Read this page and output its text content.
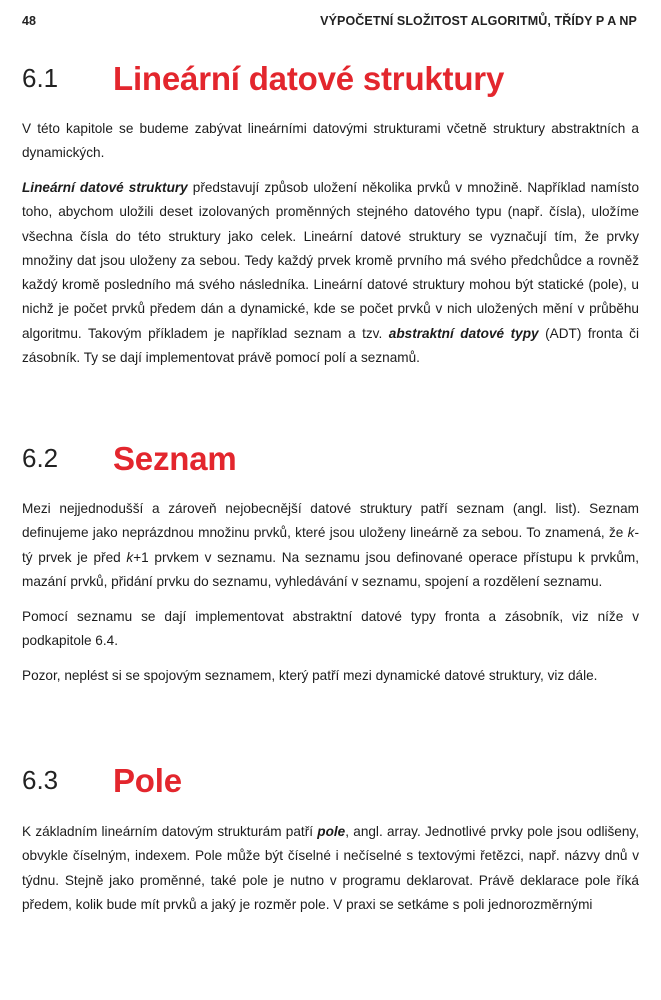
48	VÝPOČETNÍ SLOŽITOST ALGORITMŮ, TŘÍDY P A NP
6.1 Lineární datové struktury

V této kapitole se budeme zabývat lineárními datovými strukturami včetně struktury abstraktních a dynamických.

Lineární datové struktury představují způsob uložení několika prvků v množině. Například namísto toho, abychom uložili deset izolovaných proměnných stejného datového typu (např. čísla), uložíme všechna čísla do této struktury jako celek. Lineární datové struktury se vyznačují tím, že prvky množiny dat jsou uloženy za sebou. Tedy každý prvek kromě prvního má svého předchůdce a rovněž každý kromě posledního má svého následníka. Lineární datové struktury mohou být statické (pole), u nichž je počet prvků předem dán a dynamické, kde se počet prvků v nich uložených mění v průběhu algoritmu. Takovým příkladem je například seznam a tzv. abstraktní datové typy (ADT) fronta či zásobník. Ty se dají implementovat právě pomocí polí a seznamů.

6.2 Seznam

Mezi nejjednodušší a zároveň nejobecnější datové struktury patří seznam (angl. list). Seznam definujeme jako neprázdnou množinu prvků, které jsou uloženy lineárně za sebou. To znamená, že k-tý prvek je před k+1 prvkem v seznamu. Na seznamu jsou definované operace přístupu k prvkům, mazání prvků, přidání prvku do seznamu, vyhledávání v seznamu, spojení a rozdělení seznamu.

Pomocí seznamu se dají implementovat abstraktní datové typy fronta a zásobník, viz níže v podkapitole 6.4.

Pozor, neplést si se spojovým seznamem, který patří mezi dynamické datové struktury, viz dále.

6.3 Pole

K základním lineárním datovým strukturám patří pole, angl. array. Jednotlivé prvky pole jsou odlišeny, obvykle číselným, indexem. Pole může být číselné i nečíselné s textovými řetězci, např. názvy dnů v týdnu. Stejně jako proměnné, také pole je nutno v programu deklarovat. Právě deklarace pole říká předem, kolik bude mít prvků a jaký je rozměr pole. V praxi se setkáme s poli jednorozměrnými
